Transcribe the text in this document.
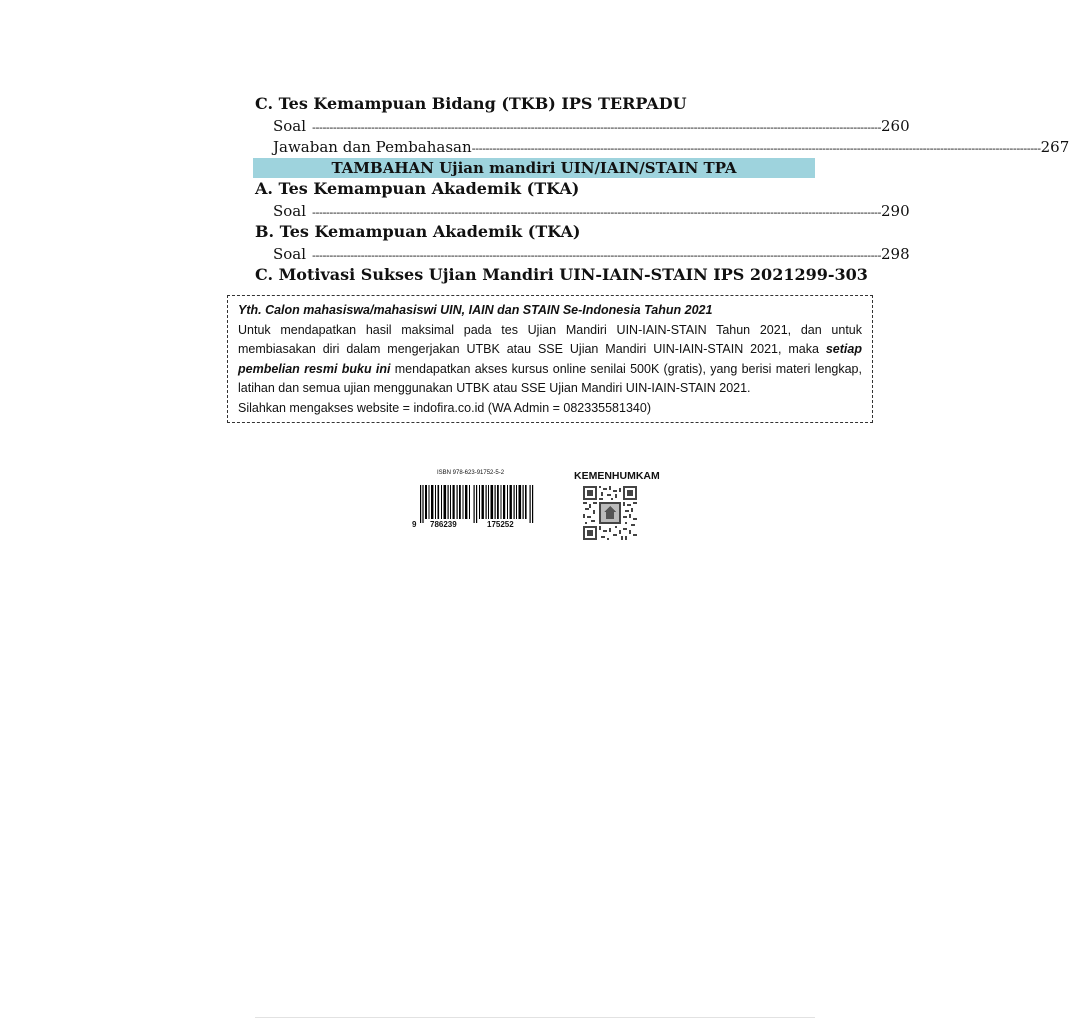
C. Tes Kemampuan Bidang (TKB) IPS TERPADU
Soal -------------------------------------------------------------------------------------------------------------------------------------------------------------------- 260
Jawaban dan Pembahasan -------------------------------------------------------------------------------------------------------------------------------------------------------------------- 267
TAMBAHAN Ujian mandiri UIN/IAIN/STAIN TPA
A. Tes Kemampuan Akademik (TKA)
Soal -------------------------------------------------------------------------------------------------------------------------------------------------------------------- 290
B. Tes Kemampuan Akademik (TKA)
Soal -------------------------------------------------------------------------------------------------------------------------------------------------------------------- 298
C. Motivasi Sukses Ujian Mandiri UIN-IAIN-STAIN IPS 2021 299-303
Yth. Calon mahasiswa/mahasiswi UIN, IAIN dan STAIN Se-Indonesia Tahun 2021
Untuk mendapatkan hasil maksimal pada tes Ujian Mandiri UIN-IAIN-STAIN Tahun 2021, dan untuk membiasakan diri dalam mengerjakan UTBK atau SSE Ujian Mandiri UIN-IAIN-STAIN 2021, maka setiap pembelian resmi buku ini mendapatkan akses kursus online senilai 500K (gratis), yang berisi materi lengkap, latihan dan semua ujian menggunakan UTBK atau SSE Ujian Mandiri UIN-IAIN-STAIN 2021.
Silahkan mengakses website = indofira.co.id (WA Admin = 082335581340)
ISBN 978-623-91752-5-2
9 786239	175252
KEMENHUMKAM
